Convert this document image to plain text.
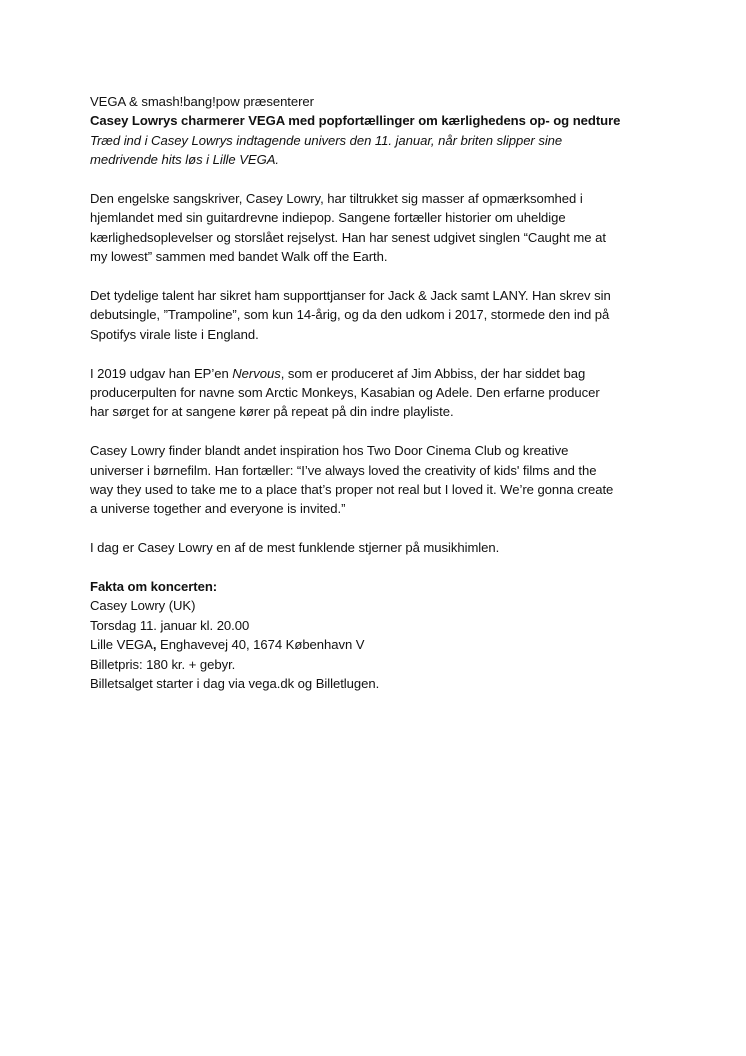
VEGA & smash!bang!pow præsenterer
Casey Lowrys charmerer VEGA med popfortællinger om kærlighedens op- og nedture
Træd ind i Casey Lowrys indtagende univers den 11. januar, når briten slipper sine
medrivende hits løs i Lille VEGA.
Den engelske sangskriver, Casey Lowry, har tiltrukket sig masser af opmærksomhed i
hjemlandet med sin guitardrevne indiepop. Sangene fortæller historier om uheldige
kærlighedsoplevelser og storslået rejselyst. Han har senest udgivet singlen “Caught me at
my lowest” sammen med bandet Walk off the Earth.
Det tydelige talent har sikret ham supporttjanser for Jack & Jack samt LANY. Han skrev sin
debutsingle, ”Trampoline”, som kun 14-årig, og da den udkom i 2017, stormede den ind på
Spotifys virale liste i England.
I 2019 udgav han EP’en Nervous, som er produceret af Jim Abbiss, der har siddet bag
producerpulten for navne som Arctic Monkeys, Kasabian og Adele. Den erfarne producer
har sørget for at sangene kører på repeat på din indre playliste.
Casey Lowry finder blandt andet inspiration hos Two Door Cinema Club og kreative
universer i børnefilm. Han fortæller: “I’ve always loved the creativity of kids' films and the
way they used to take me to a place that’s proper not real but I loved it. We’re gonna create
a universe together and everyone is invited.”
I dag er Casey Lowry en af de mest funklende stjerner på musikhimlen.
Fakta om koncerten:
Casey Lowry (UK)
Torsdag 11. januar kl. 20.00
Lille VEGA, Enghavevej 40, 1674 København V
Billetpris: 180 kr. + gebyr.
Billetsalget starter i dag via vega.dk og Billetlugen.
